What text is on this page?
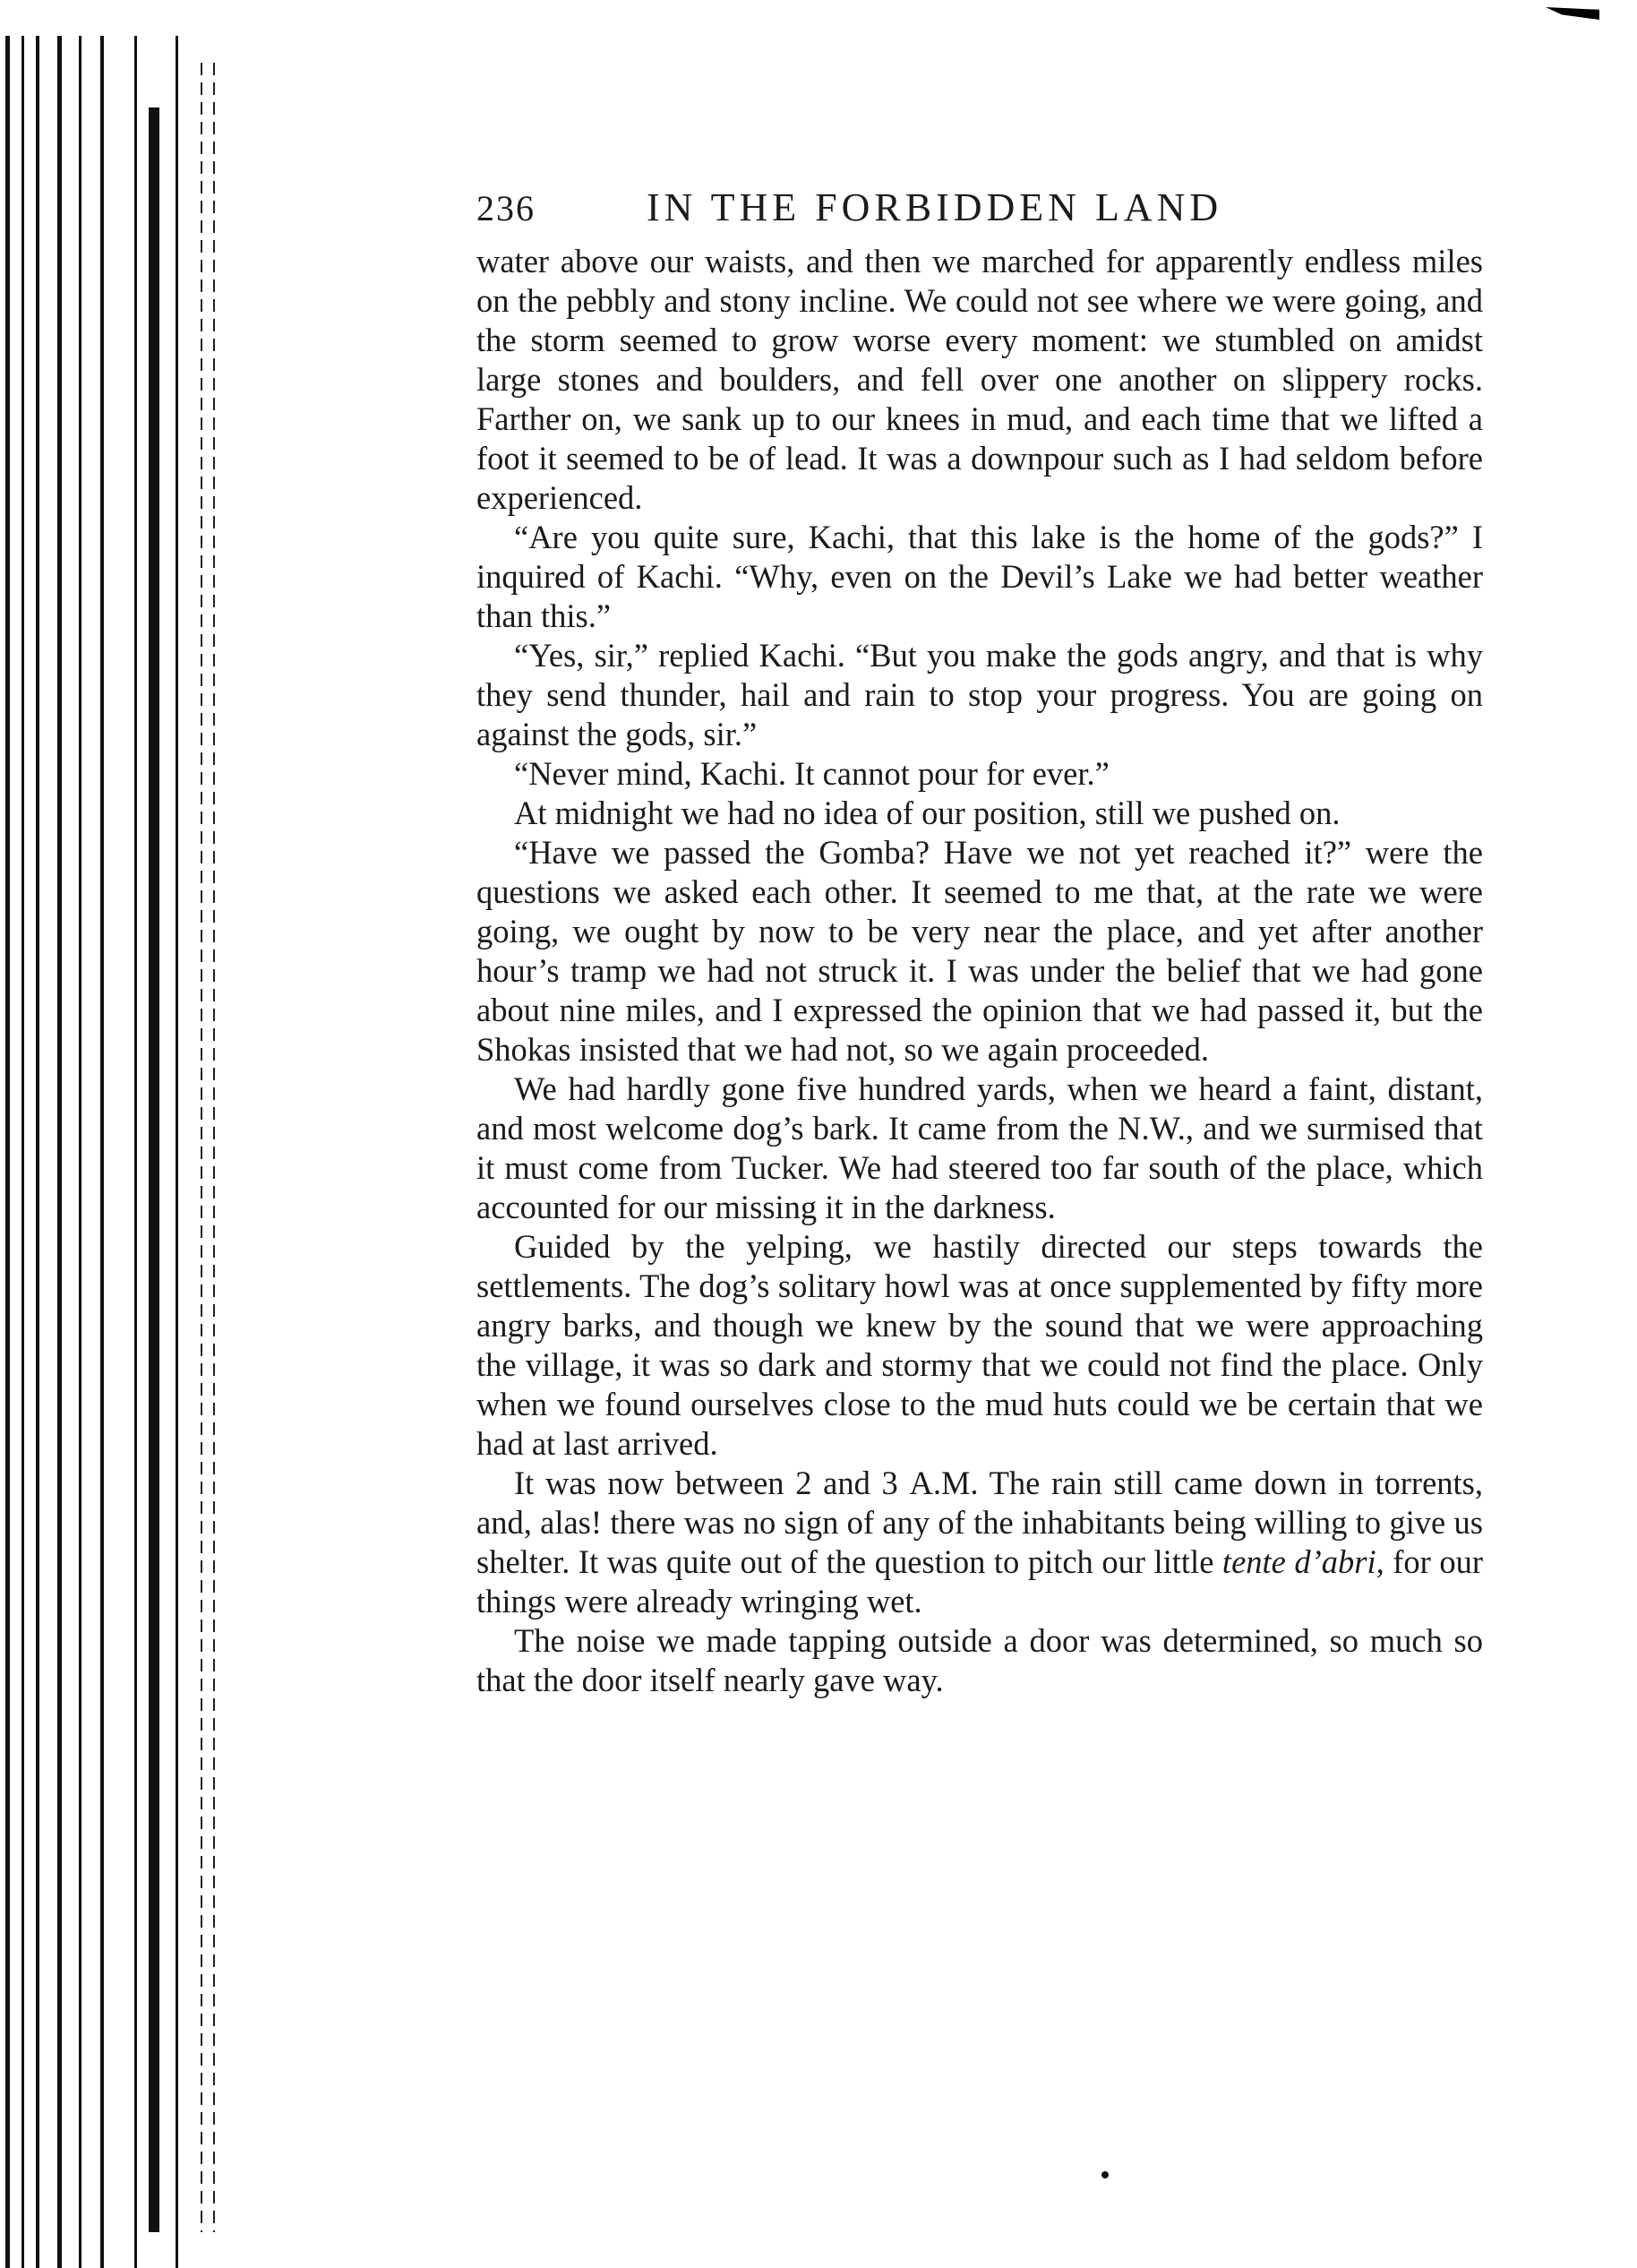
236	IN THE FORBIDDEN LAND

water above our waists, and then we marched for apparently endless miles on the pebbly and stony incline. We could not see where we were going, and the storm seemed to grow worse every moment: we stumbled on amidst large stones and boulders, and fell over one another on slippery rocks. Farther on, we sank up to our knees in mud, and each time that we lifted a foot it seemed to be of lead. It was a downpour such as I had seldom before experienced.

“Are you quite sure, Kachi, that this lake is the home of the gods?” I inquired of Kachi. “Why, even on the Devil’s Lake we had better weather than this.”

“Yes, sir,” replied Kachi. “But you make the gods angry, and that is why they send thunder, hail and rain to stop your progress. You are going on against the gods, sir.”

“Never mind, Kachi. It cannot pour for ever.”

At midnight we had no idea of our position, still we pushed on.

“Have we passed the Gomba? Have we not yet reached it?” were the questions we asked each other. It seemed to me that, at the rate we were going, we ought by now to be very near the place, and yet after another hour’s tramp we had not struck it. I was under the belief that we had gone about nine miles, and I expressed the opinion that we had passed it, but the Shokas insisted that we had not, so we again proceeded.

We had hardly gone five hundred yards, when we heard a faint, distant, and most welcome dog’s bark. It came from the N.W., and we surmised that it must come from Tucker. We had steered too far south of the place, which accounted for our missing it in the darkness.

Guided by the yelping, we hastily directed our steps towards the settlements. The dog’s solitary howl was at once supplemented by fifty more angry barks, and though we knew by the sound that we were approaching the village, it was so dark and stormy that we could not find the place. Only when we found ourselves close to the mud huts could we be certain that we had at last arrived.

It was now between 2 and 3 A.M. The rain still came down in torrents, and, alas! there was no sign of any of the inhabitants being willing to give us shelter. It was quite out of the question to pitch our little tente d’abri, for our things were already wringing wet.

The noise we made tapping outside a door was determined, so much so that the door itself nearly gave way.
